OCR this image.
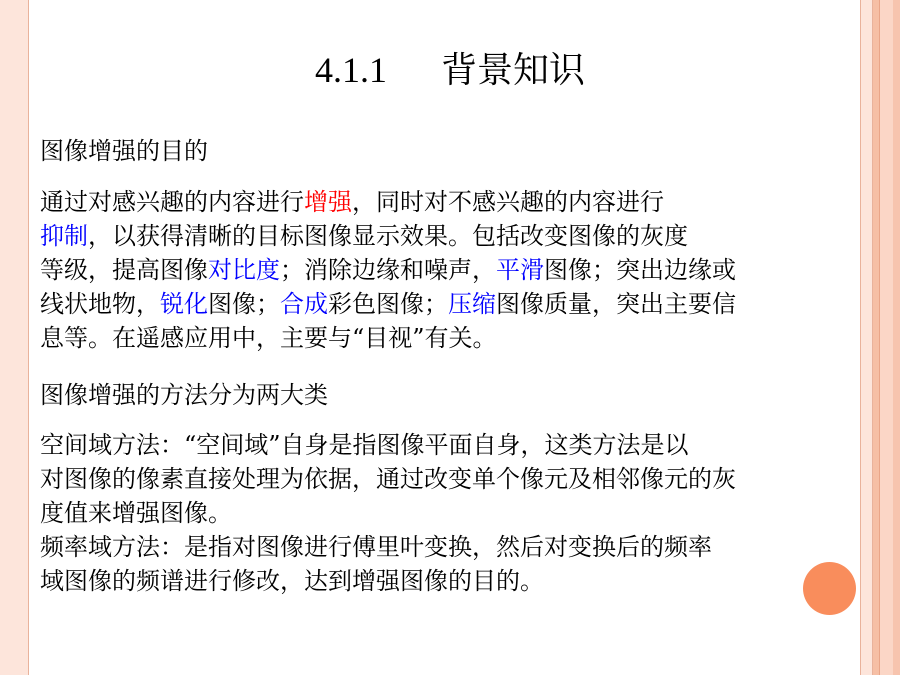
4.1.1 背景知识
图像增强的目的
通过对感兴趣的内容进行增强，同时对不感兴趣的内容进行
抑制，以获得清晰的目标图像显示效果。包括改变图像的灰度
等级，提高图像对比度；消除边缘和噪声，平滑图像；突出边缘或
线状地物，锐化图像；合成彩色图像；压缩图像质量，突出主要信
息等。在遥感应用中，主要与“目视”有关。
图像增强的方法分为两大类
空间域方法：“空间域”自身是指图像平面自身，这类方法是以
对图像的像素直接处理为依据，通过改变单个像元及相邻像元的灰
度值来增强图像。
频率域方法：是指对图像进行傅里叶变换，然后对变换后的频率
域图像的频谱进行修改，达到增强图像的目的。
